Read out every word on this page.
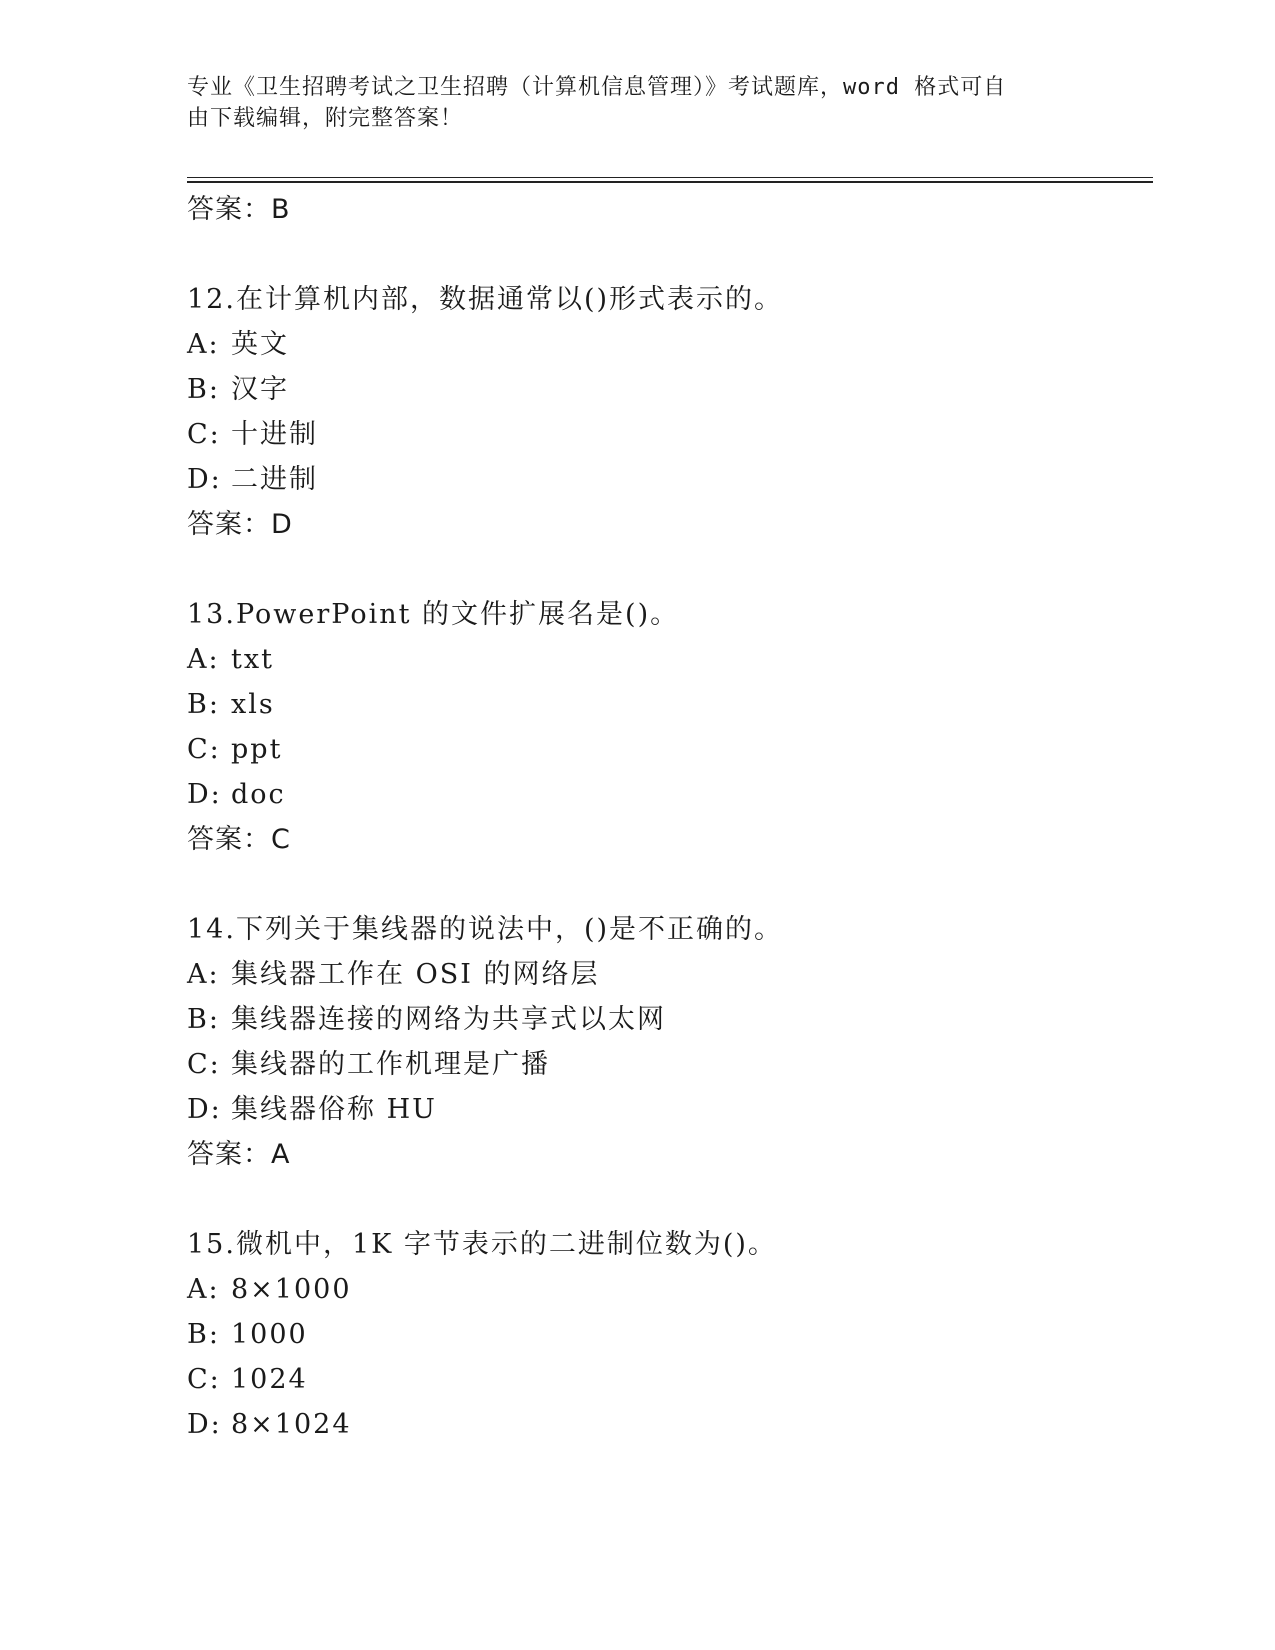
专业《卫生招聘考试之卫生招聘（计算机信息管理）》考试题库，word 格式可自
由下载编辑，附完整答案！
答案：B
12.在计算机内部，数据通常以()形式表示的。
A: 英文
B: 汉字
C: 十进制
D: 二进制
答案：D
13.PowerPoint 的文件扩展名是()。
A: txt
B: xls
C: ppt
D: doc
答案：C
14.下列关于集线器的说法中，()是不正确的。
A: 集线器工作在 OSI 的网络层
B: 集线器连接的网络为共享式以太网
C: 集线器的工作机理是广播
D: 集线器俗称 HU
答案：A
15.微机中，1K 字节表示的二进制位数为()。
A: 8×1000
B: 1000
C: 1024
D: 8×1024
